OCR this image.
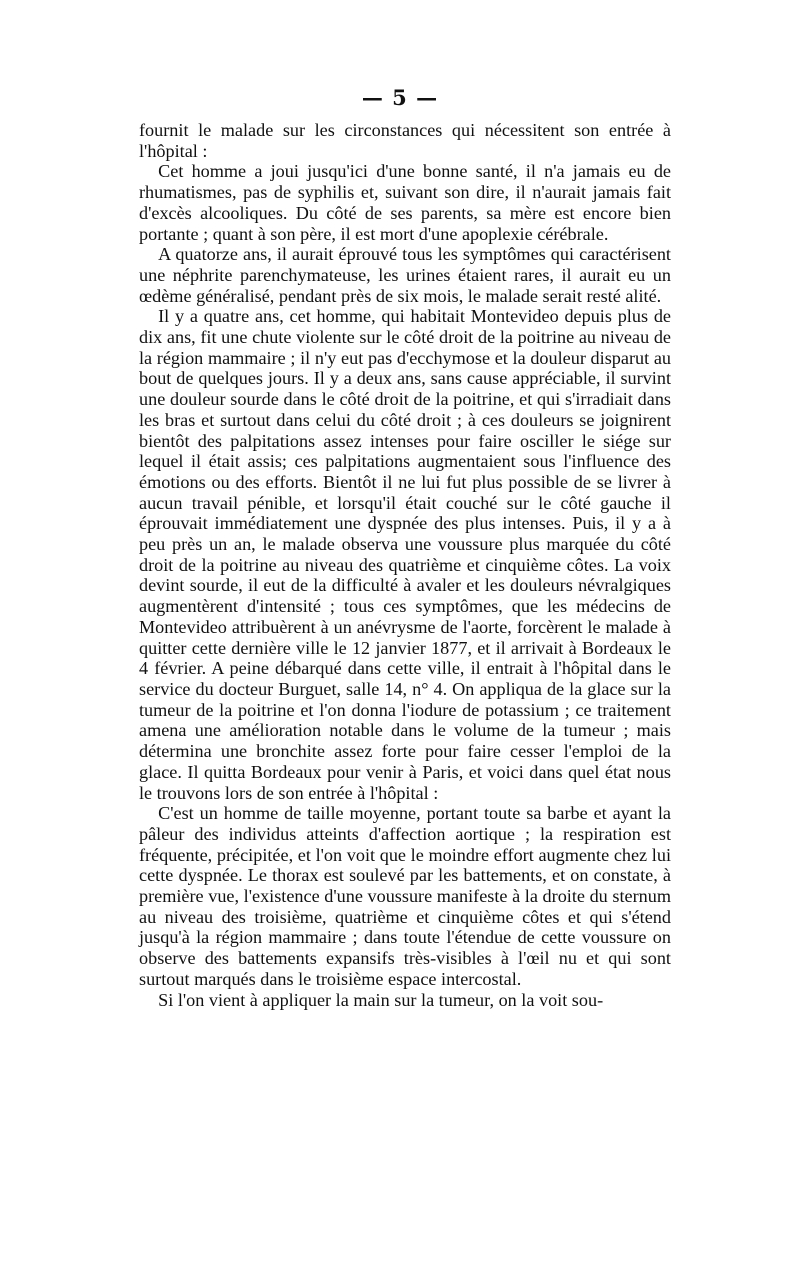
— 5 —

fournit le malade sur les circonstances qui nécessitent son entrée à l'hôpital :

Cet homme a joui jusqu'ici d'une bonne santé, il n'a jamais eu de rhumatismes, pas de syphilis et, suivant son dire, il n'aurait jamais fait d'excès alcooliques. Du côté de ses parents, sa mère est encore bien portante ; quant à son père, il est mort d'une apoplexie cérébrale.

A quatorze ans, il aurait éprouvé tous les symptômes qui caractérisent une néphrite parenchymateuse, les urines étaient rares, il aurait eu un œdème généralisé, pendant près de six mois, le malade serait resté alité.

Il y a quatre ans, cet homme, qui habitait Montevideo depuis plus de dix ans, fit une chute violente sur le côté droit de la poitrine au niveau de la région mammaire ; il n'y eut pas d'ecchymose et la douleur disparut au bout de quelques jours. Il y a deux ans, sans cause appréciable, il survint une douleur sourde dans le côté droit de la poitrine, et qui s'irradiait dans les bras et surtout dans celui du côté droit ; à ces douleurs se joignirent bientôt des palpitations assez intenses pour faire osciller le siége sur lequel il était assis; ces palpitations augmentaient sous l'influence des émotions ou des efforts. Bientôt il ne lui fut plus possible de se livrer à aucun travail pénible, et lorsqu'il était couché sur le côté gauche il éprouvait immédiatement une dyspnée des plus intenses. Puis, il y a à peu près un an, le malade observa une voussure plus marquée du côté droit de la poitrine au niveau des quatrième et cinquième côtes. La voix devint sourde, il eut de la difficulté à avaler et les douleurs névralgiques augmentèrent d'intensité ; tous ces symptômes, que les médecins de Montevideo attribuèrent à un anévrysme de l'aorte, forcèrent le malade à quitter cette dernière ville le 12 janvier 1877, et il arrivait à Bordeaux le 4 février. A peine débarqué dans cette ville, il entrait à l'hôpital dans le service du docteur Burguet, salle 14, n° 4. On appliqua de la glace sur la tumeur de la poitrine et l'on donna l'iodure de potassium ; ce traitement amena une amélioration notable dans le volume de la tumeur ; mais détermina une bronchite assez forte pour faire cesser l'emploi de la glace. Il quitta Bordeaux pour venir à Paris, et voici dans quel état nous le trouvons lors de son entrée à l'hôpital :

C'est un homme de taille moyenne, portant toute sa barbe et ayant la pâleur des individus atteints d'affection aortique ; la respiration est fréquente, précipitée, et l'on voit que le moindre effort augmente chez lui cette dyspnée. Le thorax est soulevé par les battements, et on constate, à première vue, l'existence d'une voussure manifeste à la droite du sternum au niveau des troisième, quatrième et cinquième côtes et qui s'étend jusqu'à la région mammaire ; dans toute l'étendue de cette voussure on observe des battements expansifs très-visibles à l'œil nu et qui sont surtout marqués dans le troisième espace intercostal.

Si l'on vient à appliquer la main sur la tumeur, on la voit sou-
